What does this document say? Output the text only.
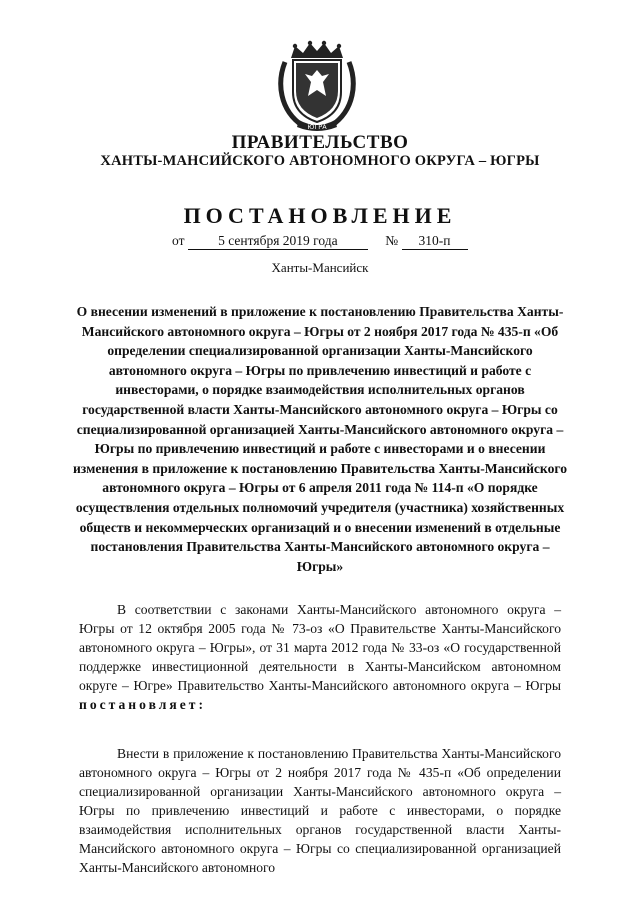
ЮГРА
ПРАВИТЕЛЬСТВО
ХАНТЫ-МАНСИЙСКОГО АВТОНОМНОГО ОКРУГА – ЮГРЫ
ПОСТАНОВЛЕНИЕ
от 5 сентября 2019 года	№ 310-п
Ханты-Мансийск
О внесении изменений в приложение к постановлению Правительства Ханты-Мансийского автономного округа – Югры от 2 ноября 2017 года № 435-п «Об определении специализированной организации Ханты-Мансийского автономного округа – Югры по привлечению инвестиций и работе с инвесторами, о порядке взаимодействия исполнительных органов государственной власти Ханты-Мансийского автономного округа – Югры со специализированной организацией Ханты-Мансийского автономного округа – Югры по привлечению инвестиций и работе с инвесторами и о внесении изменения в приложение к постановлению Правительства Ханты-Мансийского автономного округа – Югры от 6 апреля 2011 года № 114-п «О порядке осуществления отдельных полномочий учредителя (участника) хозяйственных обществ и некоммерческих организаций и о внесении изменений в отдельные постановления Правительства Ханты-Мансийского автономного округа – Югры»
В соответствии с законами Ханты-Мансийского автономного округа – Югры от 12 октября 2005 года № 73-оз «О Правительстве Ханты-Мансийского автономного округа – Югры», от 31 марта 2012 года № 33-оз «О государственной поддержке инвестиционной деятельности в Ханты-Мансийском автономном округе – Югре» Правительство Ханты-Мансийского автономного округа – Югры постановляет:
Внести в приложение к постановлению Правительства Ханты-Мансийского автономного округа – Югры от 2 ноября 2017 года № 435-п «Об определении специализированной организации Ханты-Мансийского автономного округа – Югры по привлечению инвестиций и работе с инвесторами, о порядке взаимодействия исполнительных органов государственной власти Ханты-Мансийского автономного округа – Югры со специализированной организацией Ханты-Мансийского автономного
